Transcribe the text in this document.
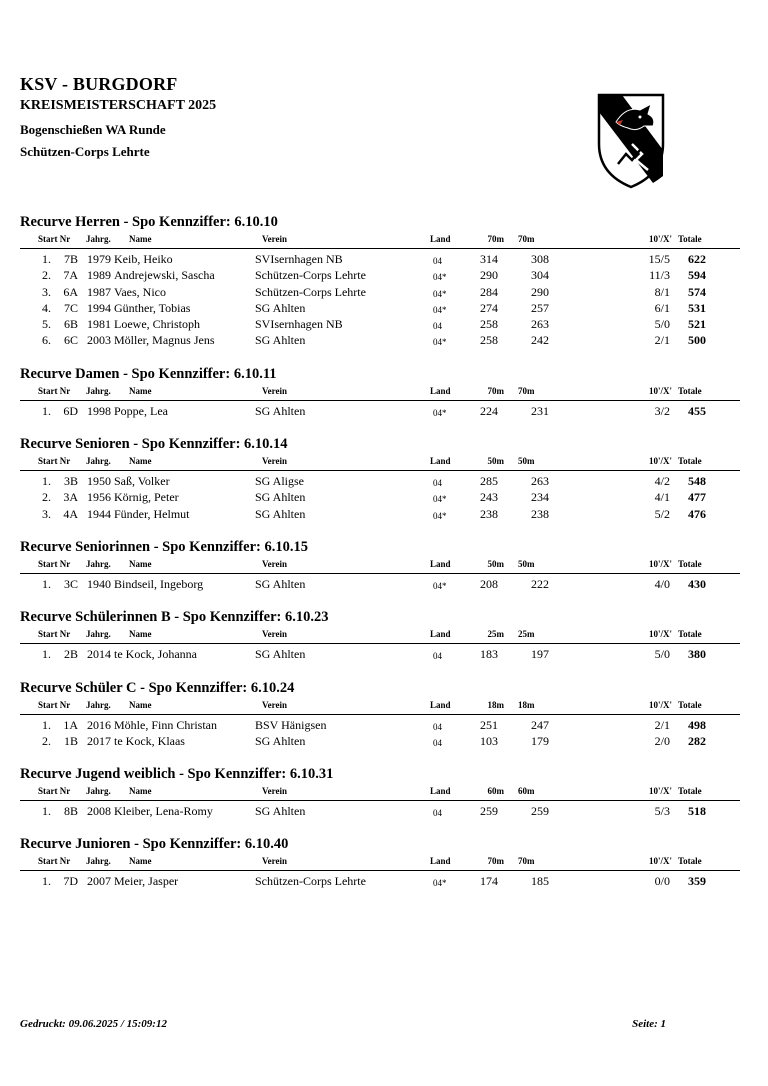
KSV - BURGDORF
KREISMEISTERSCHAFT 2025
Bogenschießen WA Runde
Schützen-Corps Lehrte
Recurve Herren - Spo Kennziffer: 6.10.10
Start Nr Jahrg. Name	Verein	Land	70m 70m	10'/X' Totale
1 .	7B 1979 Keib, Heiko	SVIsernhagen NB	04	314	308	15/5	622
2 .	7A 1989 Andrejewski, Sascha	Schützen-Corps Lehrte	04*	290	304	11/3	594
3 .	6A 1987 Vaes, Nico	Schützen-Corps Lehrte	04*	284	290	8/1	574
4 .	7C 1994 Günther, Tobias	SG Ahlten	04*	274	257	6/1	531
5 .	6B 1981 Loewe, Christoph	SVIsernhagen NB	04	258	263	5/0	521
6 .	6C 2003 Möller, Magnus Jens	SG Ahlten	04*	258	242	2/1	500
Recurve Damen - Spo Kennziffer: 6.10.11
Start Nr Jahrg. Name	Verein	Land	70m 70m	10'/X' Totale
1 .	6D 1998 Poppe, Lea	SG Ahlten	04*	224	231	3/2	455
Recurve Senioren - Spo Kennziffer: 6.10.14
Start Nr Jahrg. Name	Verein	Land	50m 50m	10'/X' Totale
1 .	3B 1950 Saß, Volker	SG Aligse	04	285	263	4/2	548
2 .	3A 1956 Körnig, Peter	SG Ahlten	04*	243	234	4/1	477
3 .	4A 1944 Fünder, Helmut	SG Ahlten	04*	238	238	5/2	476
Recurve Seniorinnen - Spo Kennziffer: 6.10.15
Start Nr Jahrg. Name	Verein	Land	50m 50m	10'/X' Totale
1 .	3C 1940 Bindseil, Ingeborg	SG Ahlten	04*	208	222	4/0	430
Recurve Schülerinnen B - Spo Kennziffer: 6.10.23
Start Nr Jahrg. Name	Verein	Land	25m 25m	10'/X' Totale
1 .	2B 2014 te Kock, Johanna	SG Ahlten	04	183	197	5/0	380
Recurve Schüler C - Spo Kennziffer: 6.10.24
Start Nr Jahrg. Name	Verein	Land	18m 18m	10'/X' Totale
1 .	1A 2016 Möhle, Finn Christan	BSV Hänigsen	04	251	247	2/1	498
2 .	1B 2017 te Kock, Klaas	SG Ahlten	04	103	179	2/0	282
Recurve Jugend weiblich - Spo Kennziffer: 6.10.31
Start Nr Jahrg. Name	Verein	Land	60m 60m	10'/X' Totale
1 .	8B 2008 Kleiber, Lena-Romy	SG Ahlten	04	259	259	5/3	518
Recurve Junioren - Spo Kennziffer: 6.10.40
Start Nr Jahrg. Name	Verein	Land	70m 70m	10'/X' Totale
1 .	7D 2007 Meier, Jasper	Schützen-Corps Lehrte	04*	174	185	0/0	359
Gedruckt: 09.06.2025 / 15:09:12	Seite: 1
